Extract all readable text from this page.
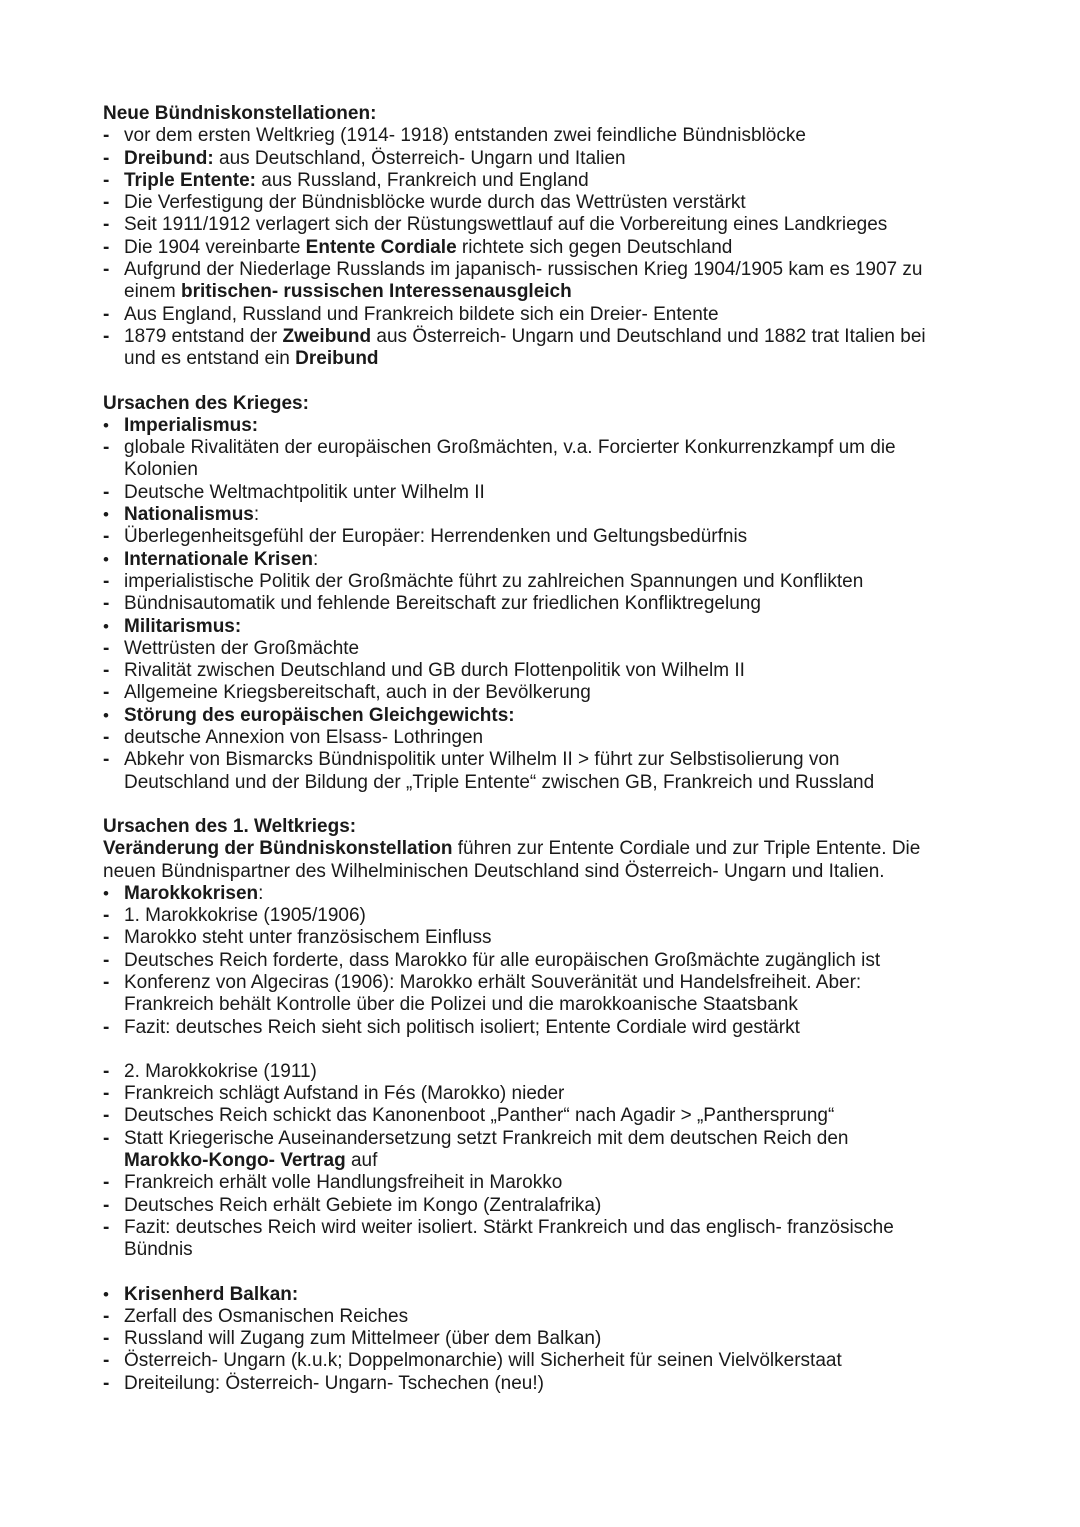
Neue Bündniskonstellationen:
- vor dem ersten Weltkrieg (1914- 1918) entstanden zwei feindliche Bündnisblöcke
- Dreibund: aus Deutschland, Österreich- Ungarn und Italien
- Triple Entente: aus Russland, Frankreich und England
- Die Verfestigung der Bündnisblöcke wurde durch das Wettrüsten verstärkt
- Seit 1911/1912 verlagert sich der Rüstungswettlauf auf die Vorbereitung eines Landkrieges
- Die 1904 vereinbarte Entente Cordiale richtete sich gegen Deutschland
- Aufgrund der Niederlage Russlands im japanisch- russischen Krieg 1904/1905 kam es 1907 zu
einem britischen- russischen Interessenausgleich
- Aus England, Russland und Frankreich bildete sich ein Dreier- Entente
- 1879 entstand der Zweibund aus Österreich- Ungarn und Deutschland und 1882 trat Italien bei
und es entstand ein Dreibund
Ursachen des Krieges:
• Imperialismus:
- globale Rivalitäten der europäischen Großmächten, v.a. Forcierter Konkurrenzkampf um die
Kolonien
- Deutsche Weltmachtpolitik unter Wilhelm II
• Nationalismus:
- Überlegenheitsgefühl der Europäer: Herrendenken und Geltungsbedürfnis
• Internationale Krisen:
- imperialistische Politik der Großmächte führt zu zahlreichen Spannungen und Konflikten
- Bündnisautomatik und fehlende Bereitschaft zur friedlichen Konfliktregelung
• Militarismus:
- Wettrüsten der Großmächte
- Rivalität zwischen Deutschland und GB durch Flottenpolitik von Wilhelm II
- Allgemeine Kriegsbereitschaft, auch in der Bevölkerung
• Störung des europäischen Gleichgewichts:
- deutsche Annexion von Elsass- Lothringen
- Abkehr von Bismarcks Bündnispolitik unter Wilhelm II > führt zur Selbstisolierung von
Deutschland und der Bildung der „Triple Entente“ zwischen GB, Frankreich und Russland
Ursachen des 1. Weltkriegs:
Veränderung der Bündniskonstellation führen zur Entente Cordiale und zur Triple Entente. Die
neuen Bündnispartner des Wilhelminischen Deutschland sind Österreich- Ungarn und Italien.
• Marokkokrisen:
- 1. Marokkokrise (1905/1906)
- Marokko steht unter französischem Einfluss
- Deutsches Reich forderte, dass Marokko für alle europäischen Großmächte zugänglich ist
- Konferenz von Algeciras (1906): Marokko erhält Souveränität und Handelsfreiheit. Aber:
Frankreich behält Kontrolle über die Polizei und die marokkoanische Staatsbank
- Fazit: deutsches Reich sieht sich politisch isoliert; Entente Cordiale wird gestärkt
- 2. Marokkokrise (1911)
- Frankreich schlägt Aufstand in Fés (Marokko) nieder
- Deutsches Reich schickt das Kanonenboot „Panther“ nach Agadir > „Panthersprung“
- Statt Kriegerische Auseinandersetzung setzt Frankreich mit dem deutschen Reich den
Marokko-Kongo- Vertrag auf
- Frankreich erhält volle Handlungsfreiheit in Marokko
- Deutsches Reich erhält Gebiete im Kongo (Zentralafrika)
- Fazit: deutsches Reich wird weiter isoliert. Stärkt Frankreich und das englisch- französische
Bündnis
• Krisenherd Balkan:
- Zerfall des Osmanischen Reiches
- Russland will Zugang zum Mittelmeer (über dem Balkan)
- Österreich- Ungarn (k.u.k; Doppelmonarchie) will Sicherheit für seinen Vielvölkerstaat
- Dreiteilung: Österreich- Ungarn- Tschechen (neu!)
